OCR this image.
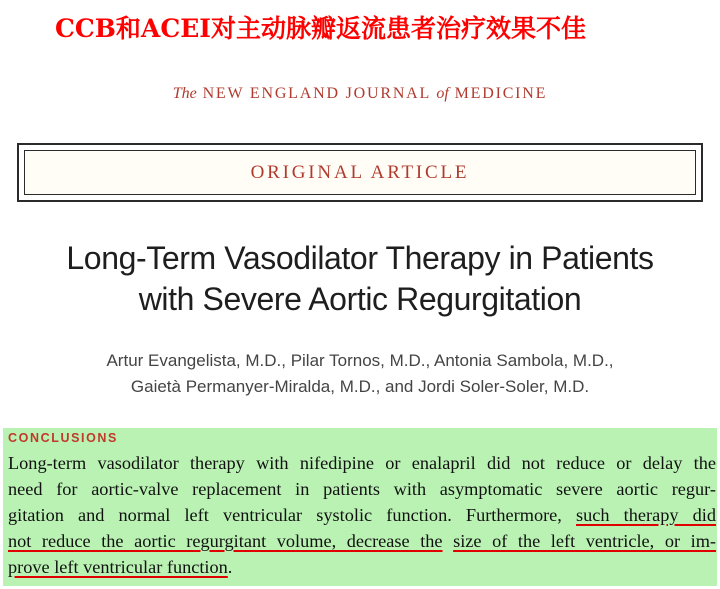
CCB和ACEI对主动脉瓣返流患者治疗效果不佳
The NEW ENGLAND JOURNAL of MEDICINE
ORIGINAL ARTICLE
Long-Term Vasodilator Therapy in Patients
with Severe Aortic Regurgitation
Artur Evangelista, M.D., Pilar Tornos, M.D., Antonia Sambola, M.D.,
Gaietà Permanyer-Miralda, M.D., and Jordi Soler-Soler, M.D.
CONCLUSIONS
Long-term vasodilator therapy with nifedipine or enalapril did not reduce or delay the
need for aortic-valve replacement in patients with asymptomatic severe aortic regur-
gitation and normal left ventricular systolic function. Furthermore, such therapy did
not reduce the aortic regurgitant volume, decrease the size of the left ventricle, or im-
prove left ventricular function.
